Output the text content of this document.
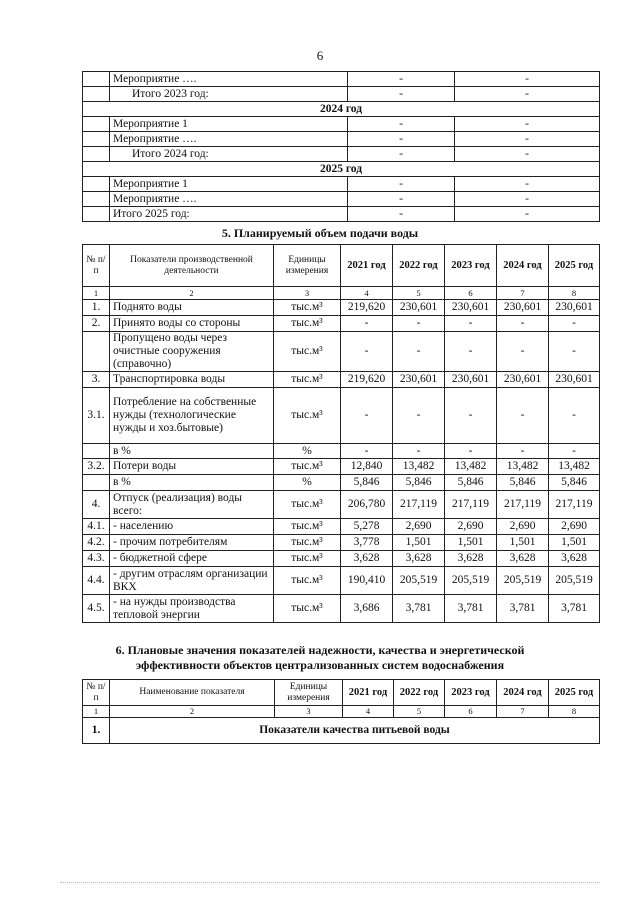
6
	Мероприятие ….	-	-
	Итого 2023 год:	-	-
2024 год			
	Мероприятие 1	-	-
	Мероприятие ….	-	-
	Итого 2024 год:	-	-
2025 год			
	Мероприятие 1	-	-
	Мероприятие ….	-	-
	Итого 2025 год:	-	-
5. Планируемый объем подачи воды
№ п/п	Показатели производственной деятельности	Единицы измерения	2021 год	2022 год	2023 год	2024 год	2025 год
1	2	3	4	5	6	7	8
1.	Поднято воды	тыс.м³	219,620	230,601	230,601	230,601	230,601
2.	Принято воды со стороны	тыс.м³	-	-	-	-	-
	Пропущено воды через очистные сооружения (справочно)	тыс.м³	-	-	-	-	-
3.	Транспортировка воды	тыс.м³	219,620	230,601	230,601	230,601	230,601
3.1.	Потребление на собственные нужды (технологические нужды и хоз.бытовые)	тыс.м³	-	-	-	-	-
	в %	%	-	-	-	-	-
3.2.	Потери воды	тыс.м³	12,840	13,482	13,482	13,482	13,482
	в %	%	5,846	5,846	5,846	5,846	5,846
4.	Отпуск (реализация) воды всего:	тыс.м³	206,780	217,119	217,119	217,119	217,119
4.1.	- населению	тыс.м³	5,278	2,690	2,690	2,690	2,690
4.2.	- прочим потребителям	тыс.м³	3,778	1,501	1,501	1,501	1,501
4.3.	- бюджетной сфере	тыс.м³	3,628	3,628	3,628	3,628	3,628
4.4.	- другим отраслям организации ВКХ	тыс.м³	190,410	205,519	205,519	205,519	205,519
4.5.	- на нужды производства тепловой энергии	тыс.м³	3,686	3,781	3,781	3,781	3,781
6. Плановые значения показателей надежности, качества и энергетической
эффективности объектов централизованных систем водоснабжения
№ п/п	Наименование показателя	Единицы измерения	2021 год	2022 год	2023 год	2024 год	2025 год
1	2	3	4	5	6	7	8
1.	Показатели качества питьевой воды						
